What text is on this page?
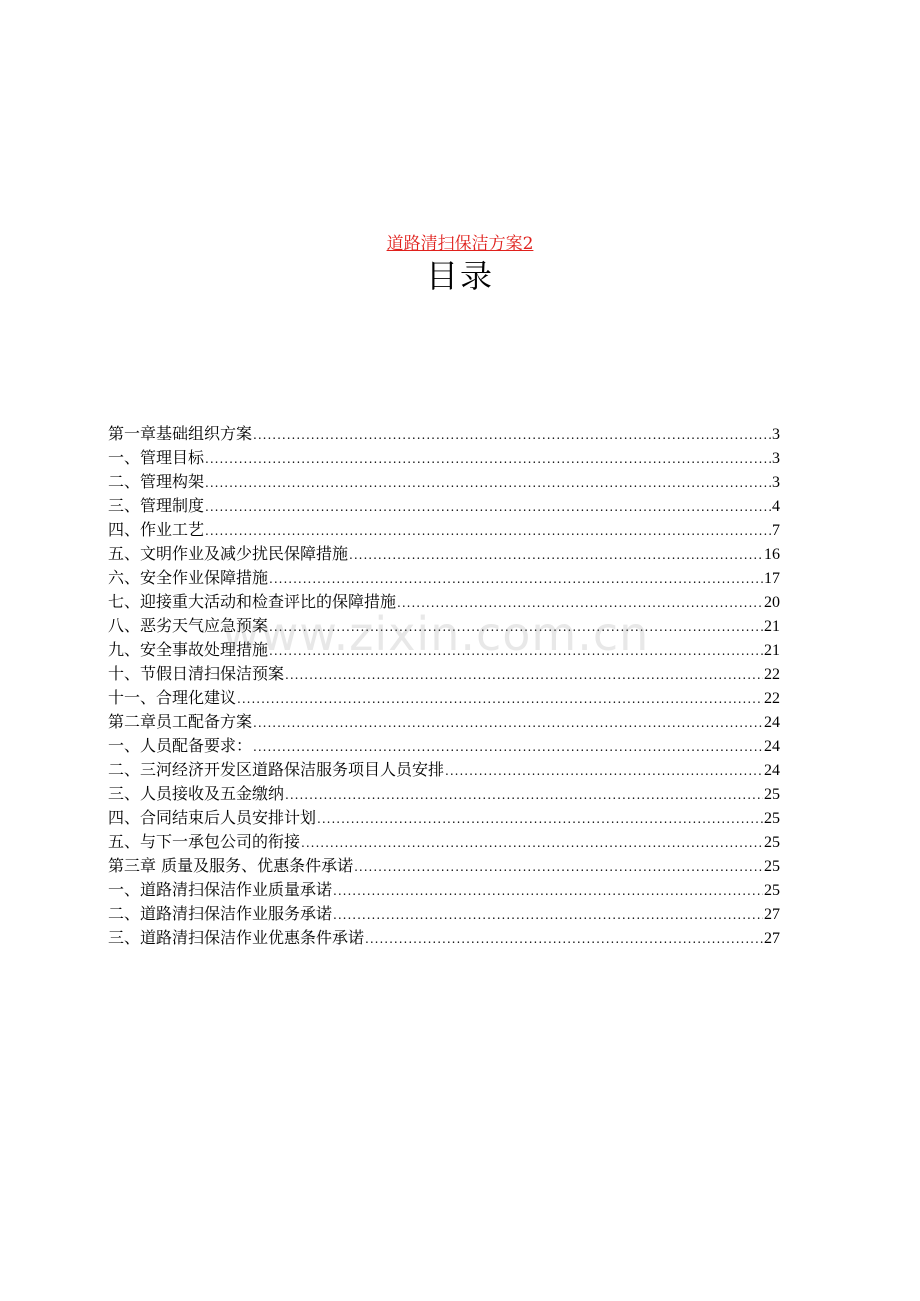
道路清扫保洁方案2
目录
第一章基础组织方案 .....	3
一、管理目标 .....	3
二、管理构架 .....	3
三、管理制度 .....	4
四、作业工艺 .....	7
五、文明作业及减少扰民保障措施 .....	16
六、安全作业保障措施 .....	17
七、迎接重大活动和检查评比的保障措施 .....	20
八、恶劣天气应急预案 .....	21
九、安全事故处理措施 .....	21
十、节假日清扫保洁预案 .....	22
十一、合理化建议 .....	22
第二章员工配备方案 .....	24
一、人员配备要求： .....	24
二、三河经济开发区道路保洁服务项目人员安排 .....	24
三、人员接收及五金缴纳 .....	25
四、合同结束后人员安排计划 .....	25
五、与下一承包公司的衔接 .....	25
第三章 质量及服务、优惠条件承诺 .....	25
一、道路清扫保洁作业质量承诺 .....	25
二、道路清扫保洁作业服务承诺 .....	27
三、道路清扫保洁作业优惠条件承诺 .....	27
www.zixin.com.cn
